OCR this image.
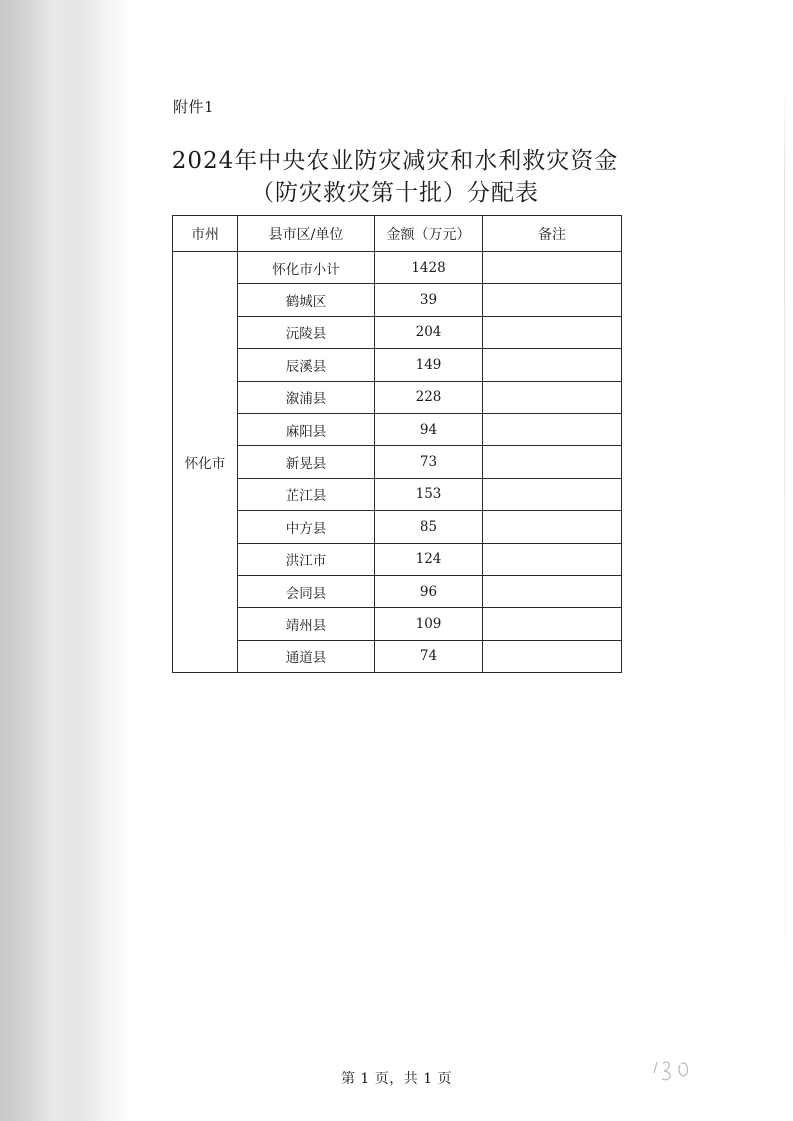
附件1
2024年中央农业防灾减灾和水利救灾资金
（防灾救灾第十批）分配表
市州	县市区/单位	金额（万元）	备注
怀化市	怀化市小计	1428	
	鹤城区	39	
	沅陵县	204	
	辰溪县	149	
	溆浦县	228	
	麻阳县	94	
	新晃县	73	
	芷江县	153	
	中方县	85	
	洪江市	124	
	会同县	96	
	靖州县	109	
	通道县	74	
第 1 页，共 1 页
